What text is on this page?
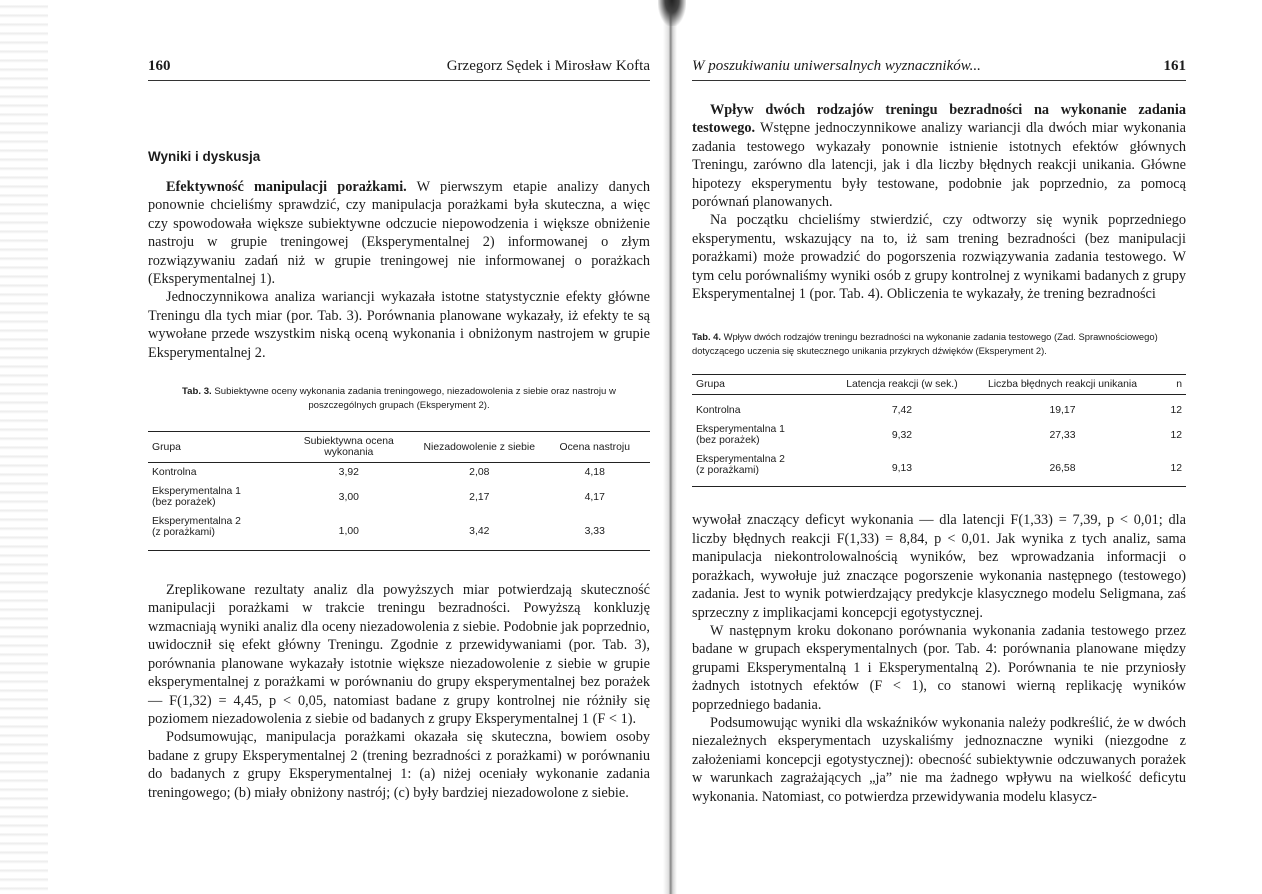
160	Grzegorz Sędek i Mirosław Kofta
Wyniki i dyskusja

Efektywność manipulacji porażkami. W pierwszym etapie analizy danych ponownie chcieliśmy sprawdzić, czy manipulacja porażkami była skuteczna, a więc czy spowodowała większe subiektywne odczucie niepowodzenia i większe obniżenie nastroju w grupie treningowej (Eksperymentalnej 2) informowanej o złym rozwiązywaniu zadań niż w grupie treningowej nie informowanej o porażkach (Eksperymentalnej 1).

Jednoczynnikowa analiza wariancji wykazała istotne statystycznie efekty główne Treningu dla tych miar (por. Tab. 3). Porównania planowane wykazały, iż efekty te są wywołane przede wszystkim niską oceną wykonania i obniżonym nastrojem w grupie Eksperymentalnej 2.

Tab. 3. Subiektywne oceny wykonania zadania treningowego, niezadowolenia z siebie oraz nastroju w poszczególnych grupach (Eksperyment 2).
Grupa	Subiektywna ocena wykonania	Niezadowolenie z siebie	Ocena nastroju
Kontrolna	3,92	2,08	4,18

Eksperymentalna 1
(bez porażek)	3,00	2,17	4,17

Eksperymentalna 2
(z porażkami)	1,00	3,42	3,33

Zreplikowane rezultaty analiz dla powyższych miar potwierdzają skuteczność manipulacji porażkami w trakcie treningu bezradności. Powyższą konkluzję wzmacniają wyniki analiz dla oceny niezadowolenia z siebie. Podobnie jak poprzednio, uwidocznił się efekt główny Treningu. Zgodnie z przewidywaniami (por. Tab. 3), porównania planowane wykazały istotnie większe niezadowolenie z siebie w grupie eksperymentalnej z porażkami w porównaniu do grupy eksperymentalnej bez porażek — F(1,32) = 4,45, p < 0,05, natomiast badane z grupy kontrolnej nie różniły się poziomem niezadowolenia z siebie od badanych z grupy Eksperymentalnej 1 (F < 1).

Podsumowując, manipulacja porażkami okazała się skuteczna, bowiem osoby badane z grupy Eksperymentalnej 2 (trening bezradności z porażkami) w porównaniu do badanych z grupy Eksperymentalnej 1: (a) niżej oceniały wykonanie zadania treningowego; (b) miały obniżony nastrój; (c) były bardziej niezadowolone z siebie.

W poszukiwaniu uniwersalnych wyznaczników...	161

Wpływ dwóch rodzajów treningu bezradności na wykonanie zadania testowego. Wstępne jednoczynnikowe analizy wariancji dla dwóch miar wykonania zadania testowego wykazały ponownie istnienie istotnych efektów głównych Treningu, zarówno dla latencji, jak i dla liczby błędnych reakcji unikania. Główne hipotezy eksperymentu były testowane, podobnie jak poprzednio, za pomocą porównań planowanych.

Na początku chcieliśmy stwierdzić, czy odtworzy się wynik poprzedniego eksperymentu, wskazujący na to, iż sam trening bezradności (bez manipulacji porażkami) może prowadzić do pogorszenia rozwiązywania zadania testowego. W tym celu porównaliśmy wyniki osób z grupy kontrolnej z wynikami badanych z grupy Eksperymentalnej 1 (por. Tab. 4). Obliczenia te wykazały, że trening bezradności

Tab. 4. Wpływ dwóch rodzajów treningu bezradności na wykonanie zadania testowego (Zad. Sprawnościowego) dotyczącego uczenia się skutecznego unikania przykrych dźwięków (Eksperyment 2).
Grupa	Latencja reakcji (w sek.)	Liczba błędnych reakcji unikania	n
Kontrolna	7,42	19,17	12

Eksperymentalna 1
(bez porażek)	9,32	27,33	12

Eksperymentalna 2
(z porażkami)	9,13	26,58	12

wywołał znaczący deficyt wykonania — dla latencji F(1,33) = 7,39, p < 0,01; dla liczby błędnych reakcji F(1,33) = 8,84, p < 0,01. Jak wynika z tych analiz, sama manipulacja niekontrolowalnością wyników, bez wprowadzania informacji o porażkach, wywołuje już znaczące pogorszenie wykonania następnego (testowego) zadania. Jest to wynik potwierdzający predykcje klasycznego modelu Seligmana, zaś sprzeczny z implikacjami koncepcji egotystycznej.

W następnym kroku dokonano porównania wykonania zadania testowego przez badane w grupach eksperymentalnych (por. Tab. 4: porównania planowane między grupami Eksperymentalną 1 i Eksperymentalną 2). Porównania te nie przyniosły żadnych istotnych efektów (F < 1), co stanowi wierną replikację wyników poprzedniego badania.

Podsumowując wyniki dla wskaźników wykonania należy podkreślić, że w dwóch niezależnych eksperymentach uzyskaliśmy jednoznaczne wyniki (niezgodne z założeniami koncepcji egotystycznej): obecność subiektywnie odczuwanych porażek w warunkach zagrażających „ja” nie ma żadnego wpływu na wielkość deficytu wykonania. Natomiast, co potwierdza przewidywania modelu klasycz-
